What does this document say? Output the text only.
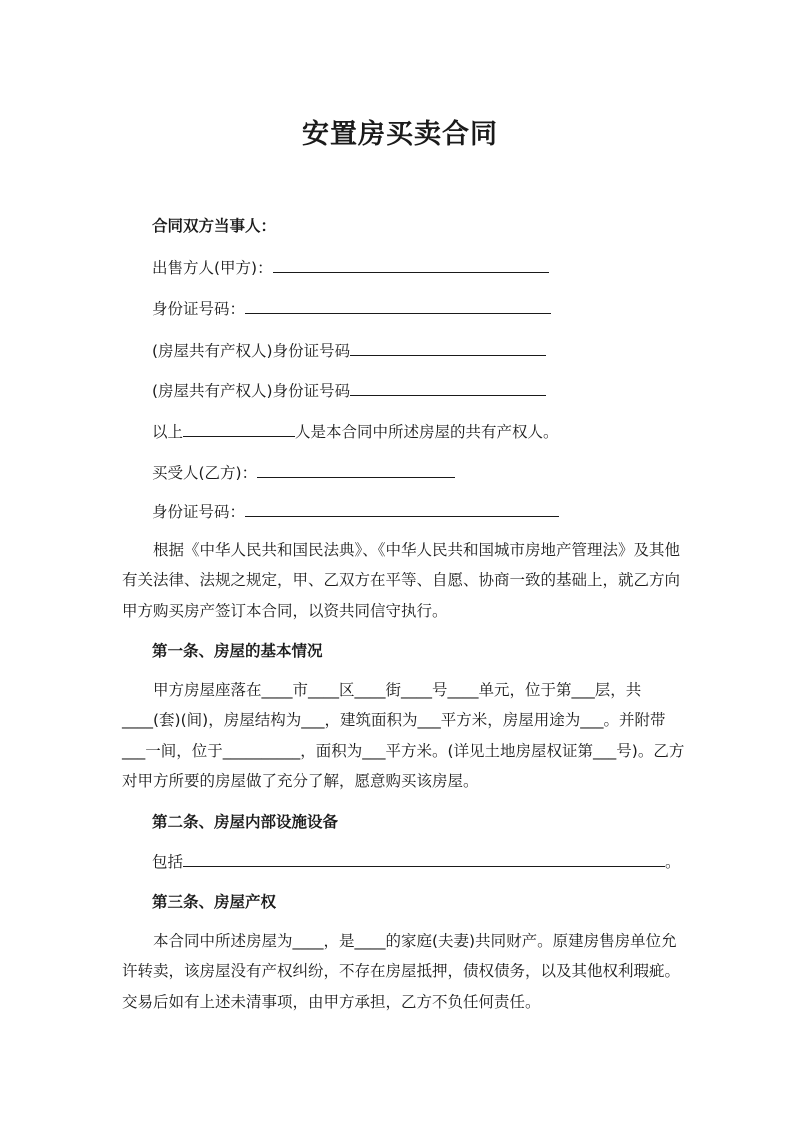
安置房买卖合同
合同双方当事人：
出售方人(甲方)：
身份证号码：
(房屋共有产权人)身份证号码
(房屋共有产权人)身份证号码
以上	人是本合同中所述房屋的共有产权人。
买受人(乙方)：
身份证号码：

根据《中华人民共和国民法典》、《中华人民共和国城市房地产管理法》及其他有关法律、法规之规定，甲、乙双方在平等、自愿、协商一致的基础上，就乙方向甲方购买房产签订本合同，以资共同信守执行。

第一条、房屋的基本情况

甲方房屋座落在____市____区____街____号____单元，位于第___层，共____(套)(间)，房屋结构为___，建筑面积为___平方米，房屋用途为___。并附带___一间，位于__________，面积为___平方米。(详见土地房屋权证第___号)。乙方对甲方所要的房屋做了充分了解，愿意购买该房屋。

第二条、房屋内部设施设备
包括	。
第三条、房屋产权

本合同中所述房屋为____，是____的家庭(夫妻)共同财产。原建房售房单位允许转卖，该房屋没有产权纠纷，不存在房屋抵押，债权债务，以及其他权利瑕疵。交易后如有上述未清事项，由甲方承担，乙方不负任何责任。
